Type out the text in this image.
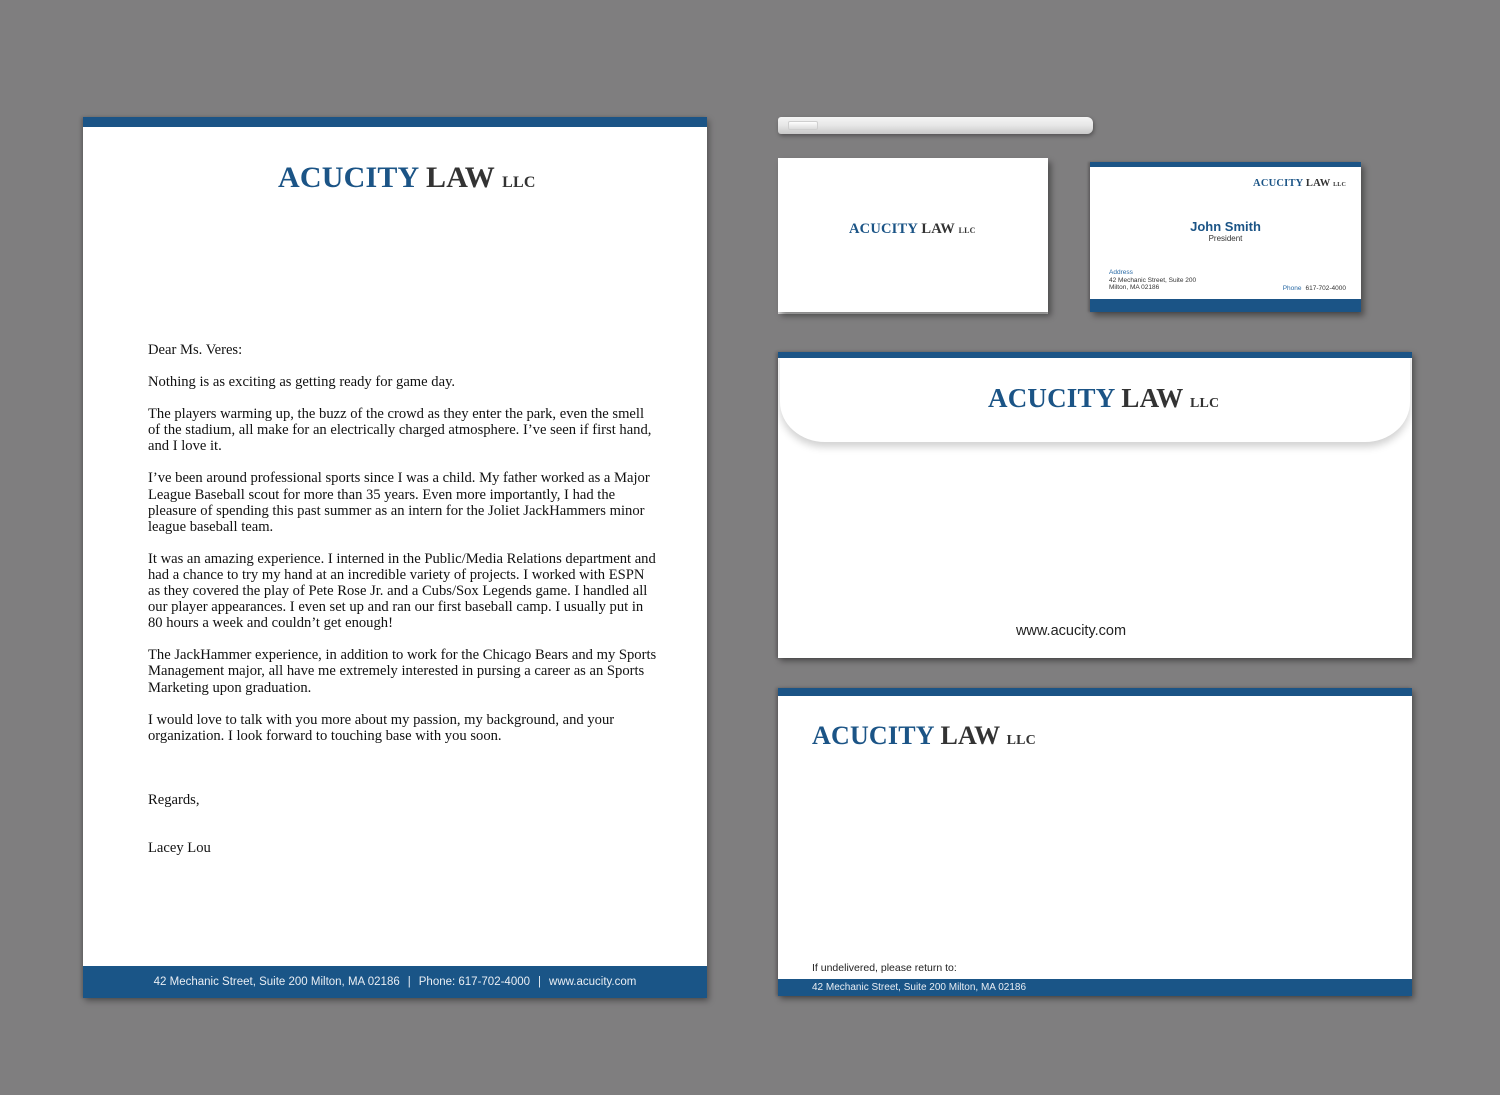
ACUCITY LAW LLC

Dear Ms. Veres:

Nothing is as exciting as getting ready for game day.

The players warming up, the buzz of the crowd as they enter the park, even the smell of the stadium, all make for an electrically charged atmosphere. I’ve seen if first hand, and I love it.

I’ve been around professional sports since I was a child. My father worked as a Major League Baseball scout for more than 35 years. Even more importantly, I had the pleasure of spending this past summer as an intern for the Joliet JackHammers minor league baseball team.

It was an amazing experience. I interned in the Public/Media Relations department and had a chance to try my hand at an incredible variety of projects. I worked with ESPN as they covered the play of Pete Rose Jr. and a Cubs/Sox Legends game. I handled all our player appearances. I even set up and ran our first baseball camp. I usually put in 80 hours a week and couldn’t get enough!

The JackHammer experience, in addition to work for the Chicago Bears and my Sports Management major, all have me extremely interested in pursing a career as an Sports Marketing upon graduation.

I would love to talk with you more about my passion, my background, and your organization. I look forward to touching base with you soon.

Regards,

Lacey Lou

42 Mechanic Street, Suite 200 Milton, MA 02186 | Phone: 617-702-4000 | www.acucity.com
ACUCITY LAW LLC
ACUCITY LAW LLC
John Smith
President
Address
42 Mechanic Street, Suite 200
Milton, MA 02186	Phone 617-702-4000
ACUCITY LAW LLC
www.acucity.com
ACUCITY LAW LLC
If undelivered, please return to:
42 Mechanic Street, Suite 200 Milton, MA 02186
